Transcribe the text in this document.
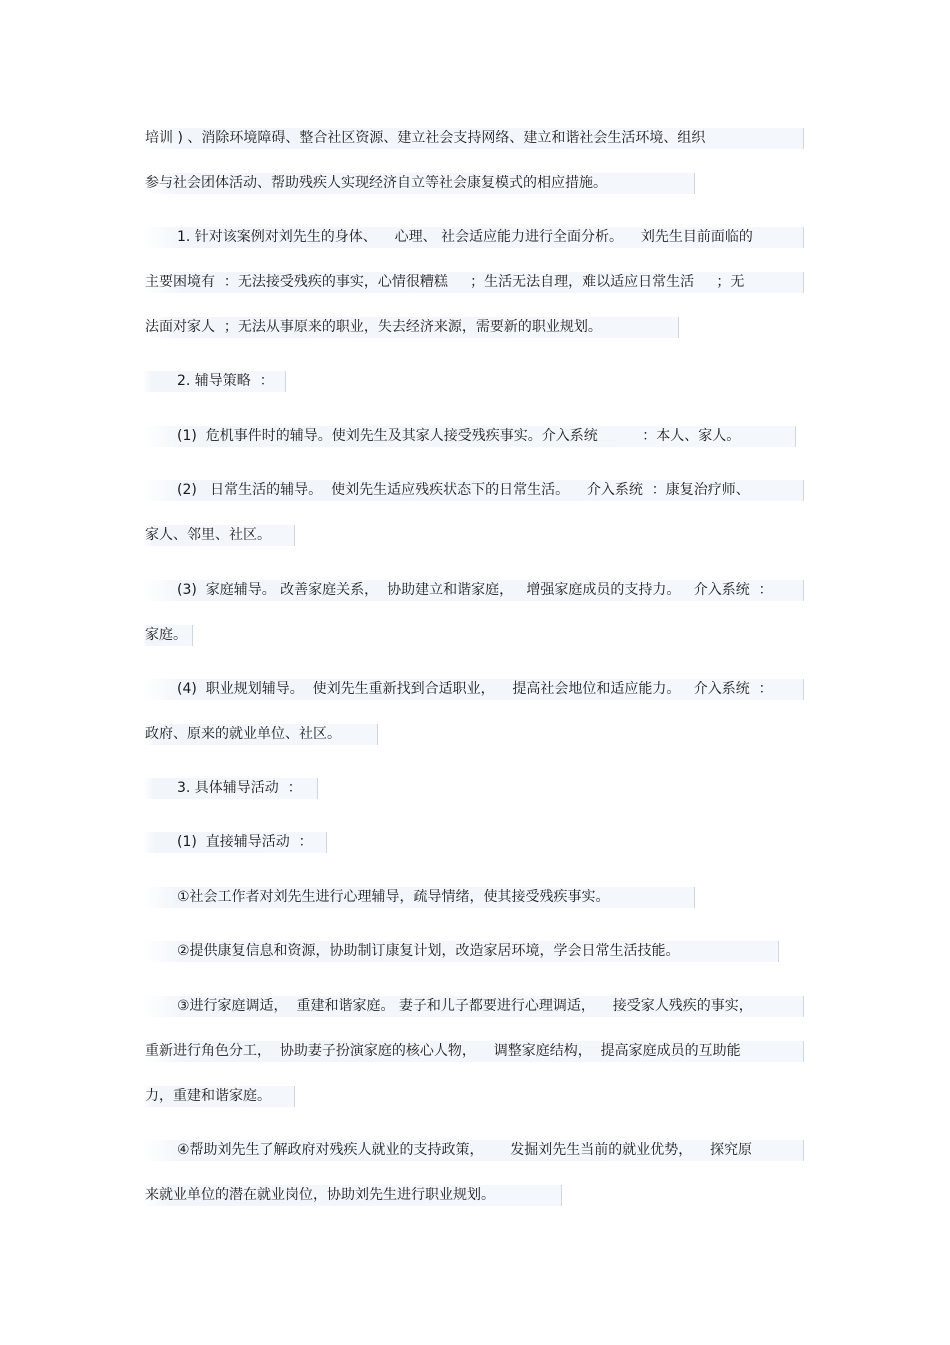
培训 ) 、消除环境障碍、整合社区资源、建立社会支持网络、建立和谐社会生活环境、组织
参与社会团体活动、帮助残疾人实现经济自立等社会康复模式的相应措施。
1. 针对该案例对刘先生的身体、    心理、 社会适应能力进行全面分析。    刘先生目前面临的
主要困境有  ：无法接受残疾的事实，心情很糟糕     ；生活无法自理，难以适应日常生活     ；无
法面对家人  ；无法从事原来的职业，失去经济来源，需要新的职业规划。
2. 辅导策略  ：
(1)  危机事件时的辅导。使刘先生及其家人接受残疾事实。介入系统          ：本人、家人。
(2)   日常生活的辅导。  使刘先生适应残疾状态下的日常生活。    介入系统  ：康复治疗师、
家人、邻里、社区。
(3)  家庭辅导。 改善家庭关系，  协助建立和谐家庭，   增强家庭成员的支持力。   介入系统  ：
家庭。
(4)  职业规划辅导。  使刘先生重新找到合适职业，    提高社会地位和适应能力。   介入系统  ：
政府、原来的就业单位、社区。
3. 具体辅导活动  ：
(1)  直接辅导活动  ：
①社会工作者对刘先生进行心理辅导，疏导情绪，使其接受残疾事实。
②提供康复信息和资源，协助制订康复计划，改造家居环境，学会日常生活技能。
③进行家庭调适，  重建和谐家庭。 妻子和儿子都要进行心理调适，    接受家人残疾的事实，
重新进行角色分工，  协助妻子扮演家庭的核心人物，    调整家庭结构，  提高家庭成员的互助能
力，重建和谐家庭。
④帮助刘先生了解政府对残疾人就业的支持政策，      发掘刘先生当前的就业优势，    探究原
来就业单位的潜在就业岗位，协助刘先生进行职业规划。
